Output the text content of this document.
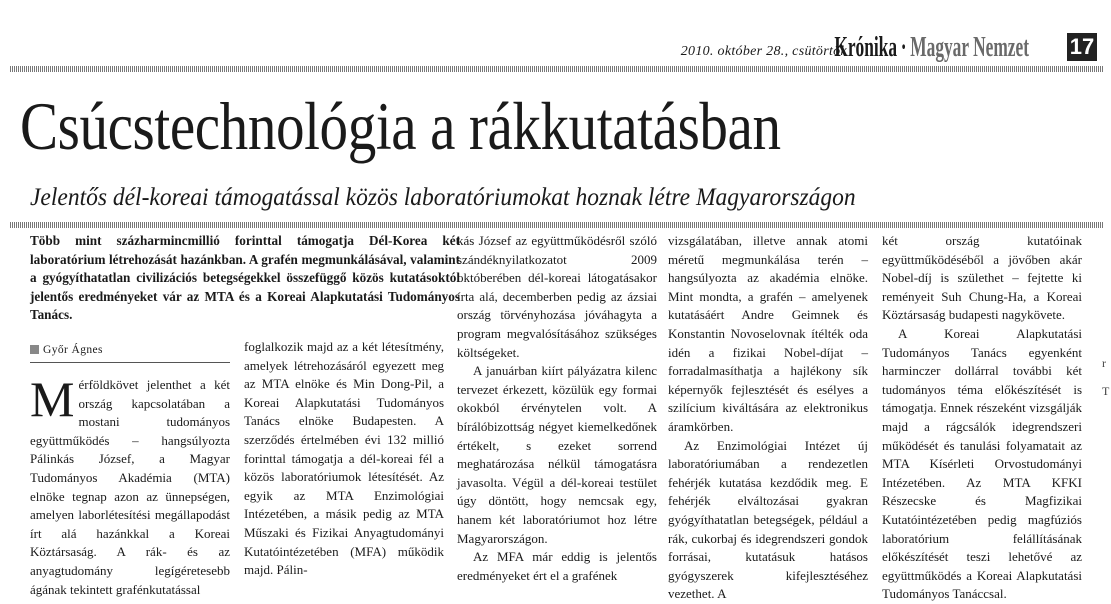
2010. október 28., csütörtök
Krónika · Magyar Nemzet 17
Csúcstechnológia a rákkutatásban
Jelentős dél-koreai támogatással közös laboratóriumokat hoznak létre Magyarországon
Több mint százharmincmillió forinttal támogatja Dél-Korea két laboratórium létrehozását hazánkban. A grafén megmunkálásával, valamint a gyógyíthatatlan civilizációs betegségekkel összefüggő közös kutatásoktól jelentős eredményeket vár az MTA és a Koreai Alapkutatási Tudományos Tanács.
Győr Ágnes
M érföldkövet jelenthet a két ország kapcsolatában a mostani tudományos együttműködés – hangsúlyozta Pálinkás József, a Magyar Tudományos Akadémia (MTA) elnöke tegnap azon az ünnepségen, amelyen laborlétesítési megállapodást írt alá hazánkkal a Koreai Köztársaság. A rák- és az anyagtudomány legígéretesebb ágának tekintett grafénkutatással

foglalkozik majd az a két létesítmény, amelyek létrehozásáról egyezett meg az MTA elnöke és Min Dong-Pil, a Koreai Alapkutatási Tudományos Tanács elnöke Budapesten. A szerződés értelmében évi 132 millió forinttal támogatja a dél-koreai fél a közös laboratóriumok létesítését. Az egyik az MTA Enzimológiai Intézetében, a másik pedig az MTA Műszaki és Fizikai Anyagtudományi Kutatóintézetében (MFA) működik majd. Pálin-

kás József az együttműködésről szóló szándéknyilatkozatot 2009 októberében dél-koreai látogatásakor írta alá, decemberben pedig az ázsiai ország törvényhozása jóváhagyta a program megvalósításához szükséges költségeket.

A januárban kiírt pályázatra kilenc tervezet érkezett, közülük egy formai okokból érvénytelen volt. A bírálóbizottság négyet kiemelkedőnek értékelt, s ezeket sorrend meghatározása nélkül támogatásra javasolta. Végül a dél-koreai testület úgy döntött, hogy nemcsak egy, hanem két laboratóriumot hoz létre Magyarországon.

Az MFA már eddig is jelentős eredményeket ért el a grafének

vizsgálatában, illetve annak atomi méretű megmunkálása terén – hangsúlyozta az akadémia elnöke. Mint mondta, a grafén – amelyenek kutatásáért Andre Geimnek és Konstantin Novoselovnak ítélték oda idén a fizikai Nobel-díjat – forradalmasíthatja a hajlékony sík képernyők fejlesztését és esélyes a szilícium kiváltására az elektronikus áramkörben.

Az Enzimológiai Intézet új laboratóriumában a rendezetlen fehérjék kutatása kezdődik meg. E fehérjék elváltozásai gyakran gyógyíthatatlan betegségek, például a rák, cukorbaj és idegrendszeri gondok forrásai, kutatásuk hatásos gyógyszerek kifejlesztéséhez vezethet. A

két ország kutatóinak együttműködéséből a jövőben akár Nobel-díj is születhet – fejtette ki reményeit Suh Chung-Ha, a Koreai Köztársaság budapesti nagykövete.

A Koreai Alapkutatási Tudományos Tanács egyenként harminczer dollárral további két tudományos téma előkészítését is támogatja. Ennek részeként vizsgálják majd a rágcsálók idegrendszeri működését és tanulási folyamatait az MTA Kísérleti Orvostudományi Intézetében. Az MTA KFKI Részecske és Magfizikai Kutatóintézetében pedig magfúziós laboratórium felállításának előkészítését teszi lehetővé az együttműködés a Koreai Alapkutatási Tudományos Tanáccsal.

r
T
